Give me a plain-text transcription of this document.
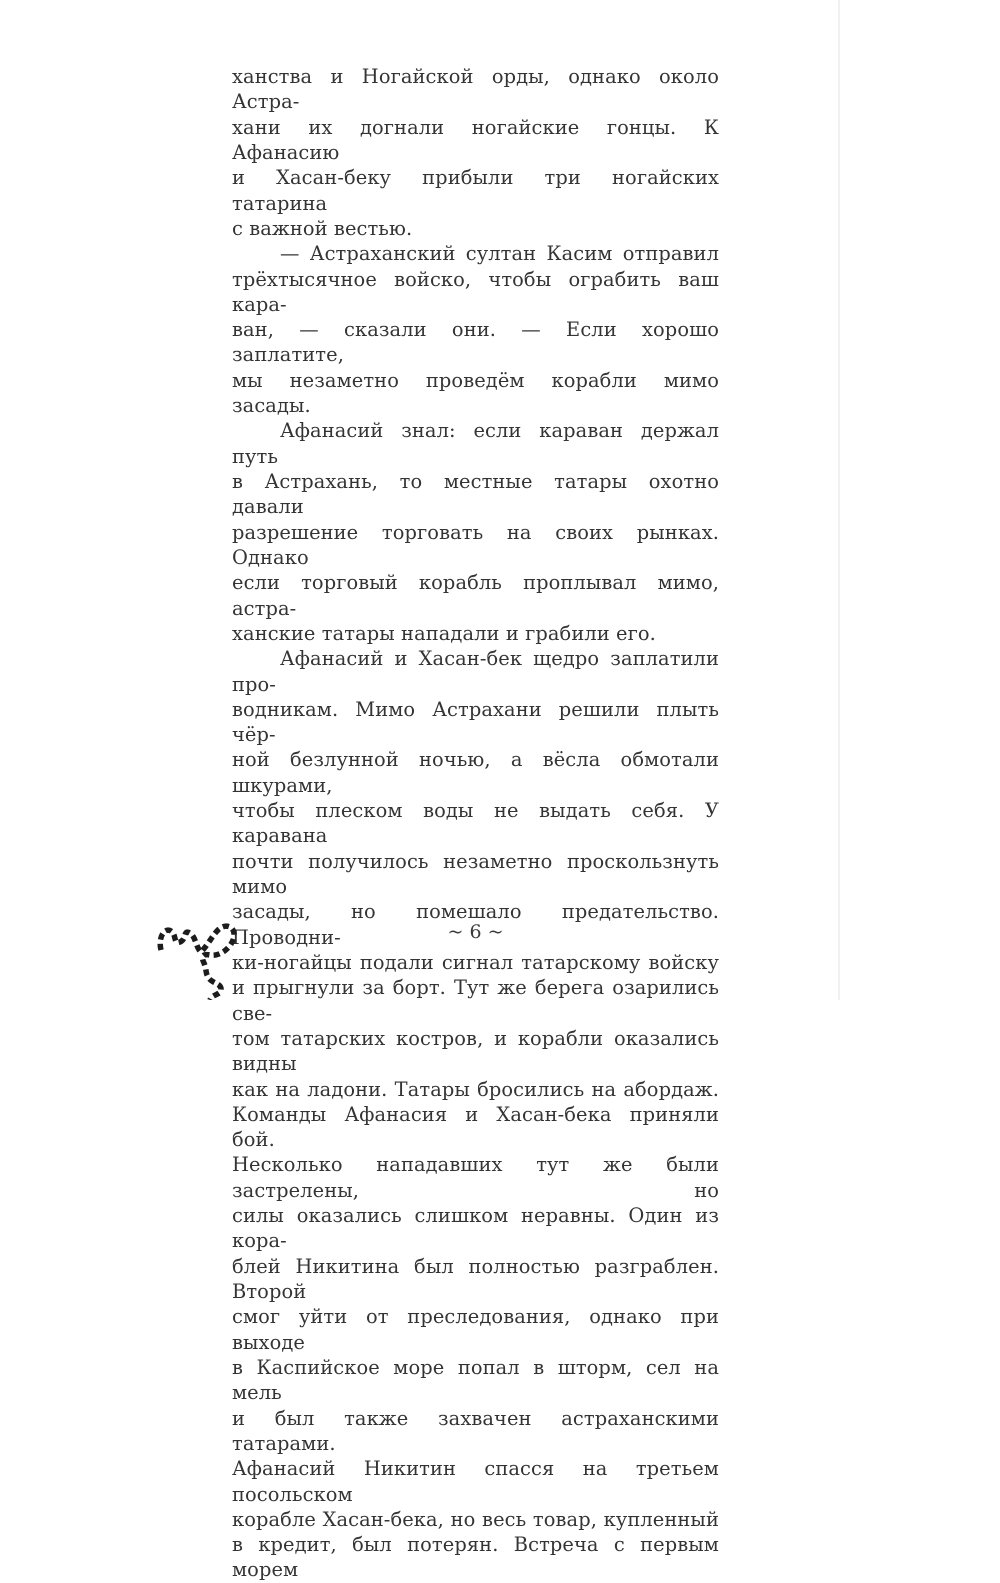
ханства и Ногайской орды, однако около Астра-
хани их догнали ногайские гонцы. К Афанасию
и Хасан-беку прибыли три ногайских татарина
с важной вестью.
— Астраханский султан Касим отправил
трёхтысячное войско, чтобы ограбить ваш кара-
ван, — сказали они. — Если хорошо заплатите,
мы незаметно проведём корабли мимо засады.
Афанасий знал: если караван держал путь
в Астрахань, то местные татары охотно давали
разрешение торговать на своих рынках. Однако
если торговый корабль проплывал мимо, астра-
ханские татары нападали и грабили его.
Афанасий и Хасан-бек щедро заплатили про-
водникам. Мимо Астрахани решили плыть чёр-
ной безлунной ночью, а вёсла обмотали шкурами,
чтобы плеском воды не выдать себя. У каравана
почти получилось незаметно проскользнуть мимо
засады, но помешало предательство. Проводни-
ки-ногайцы подали сигнал татарскому войску
и прыгнули за борт. Тут же берега озарились све-
том татарских костров, и корабли оказались видны
как на ладони. Татары бросились на абордаж.
Команды Афанасия и Хасан-бека приняли бой.
Несколько нападавших тут же были застрелены, но
силы оказались слишком неравны. Один из кора-
блей Никитина был полностью разграблен. Второй
смог уйти от преследования, однако при выходе
в Каспийское море попал в шторм, сел на мель
и был также захвачен астраханскими татарами.
Афанасий Никитин спасся на третьем посольском
корабле Хасан-бека, но весь товар, купленный
в кредит, был потерян. Встреча с первым морем
~ 6 ~
